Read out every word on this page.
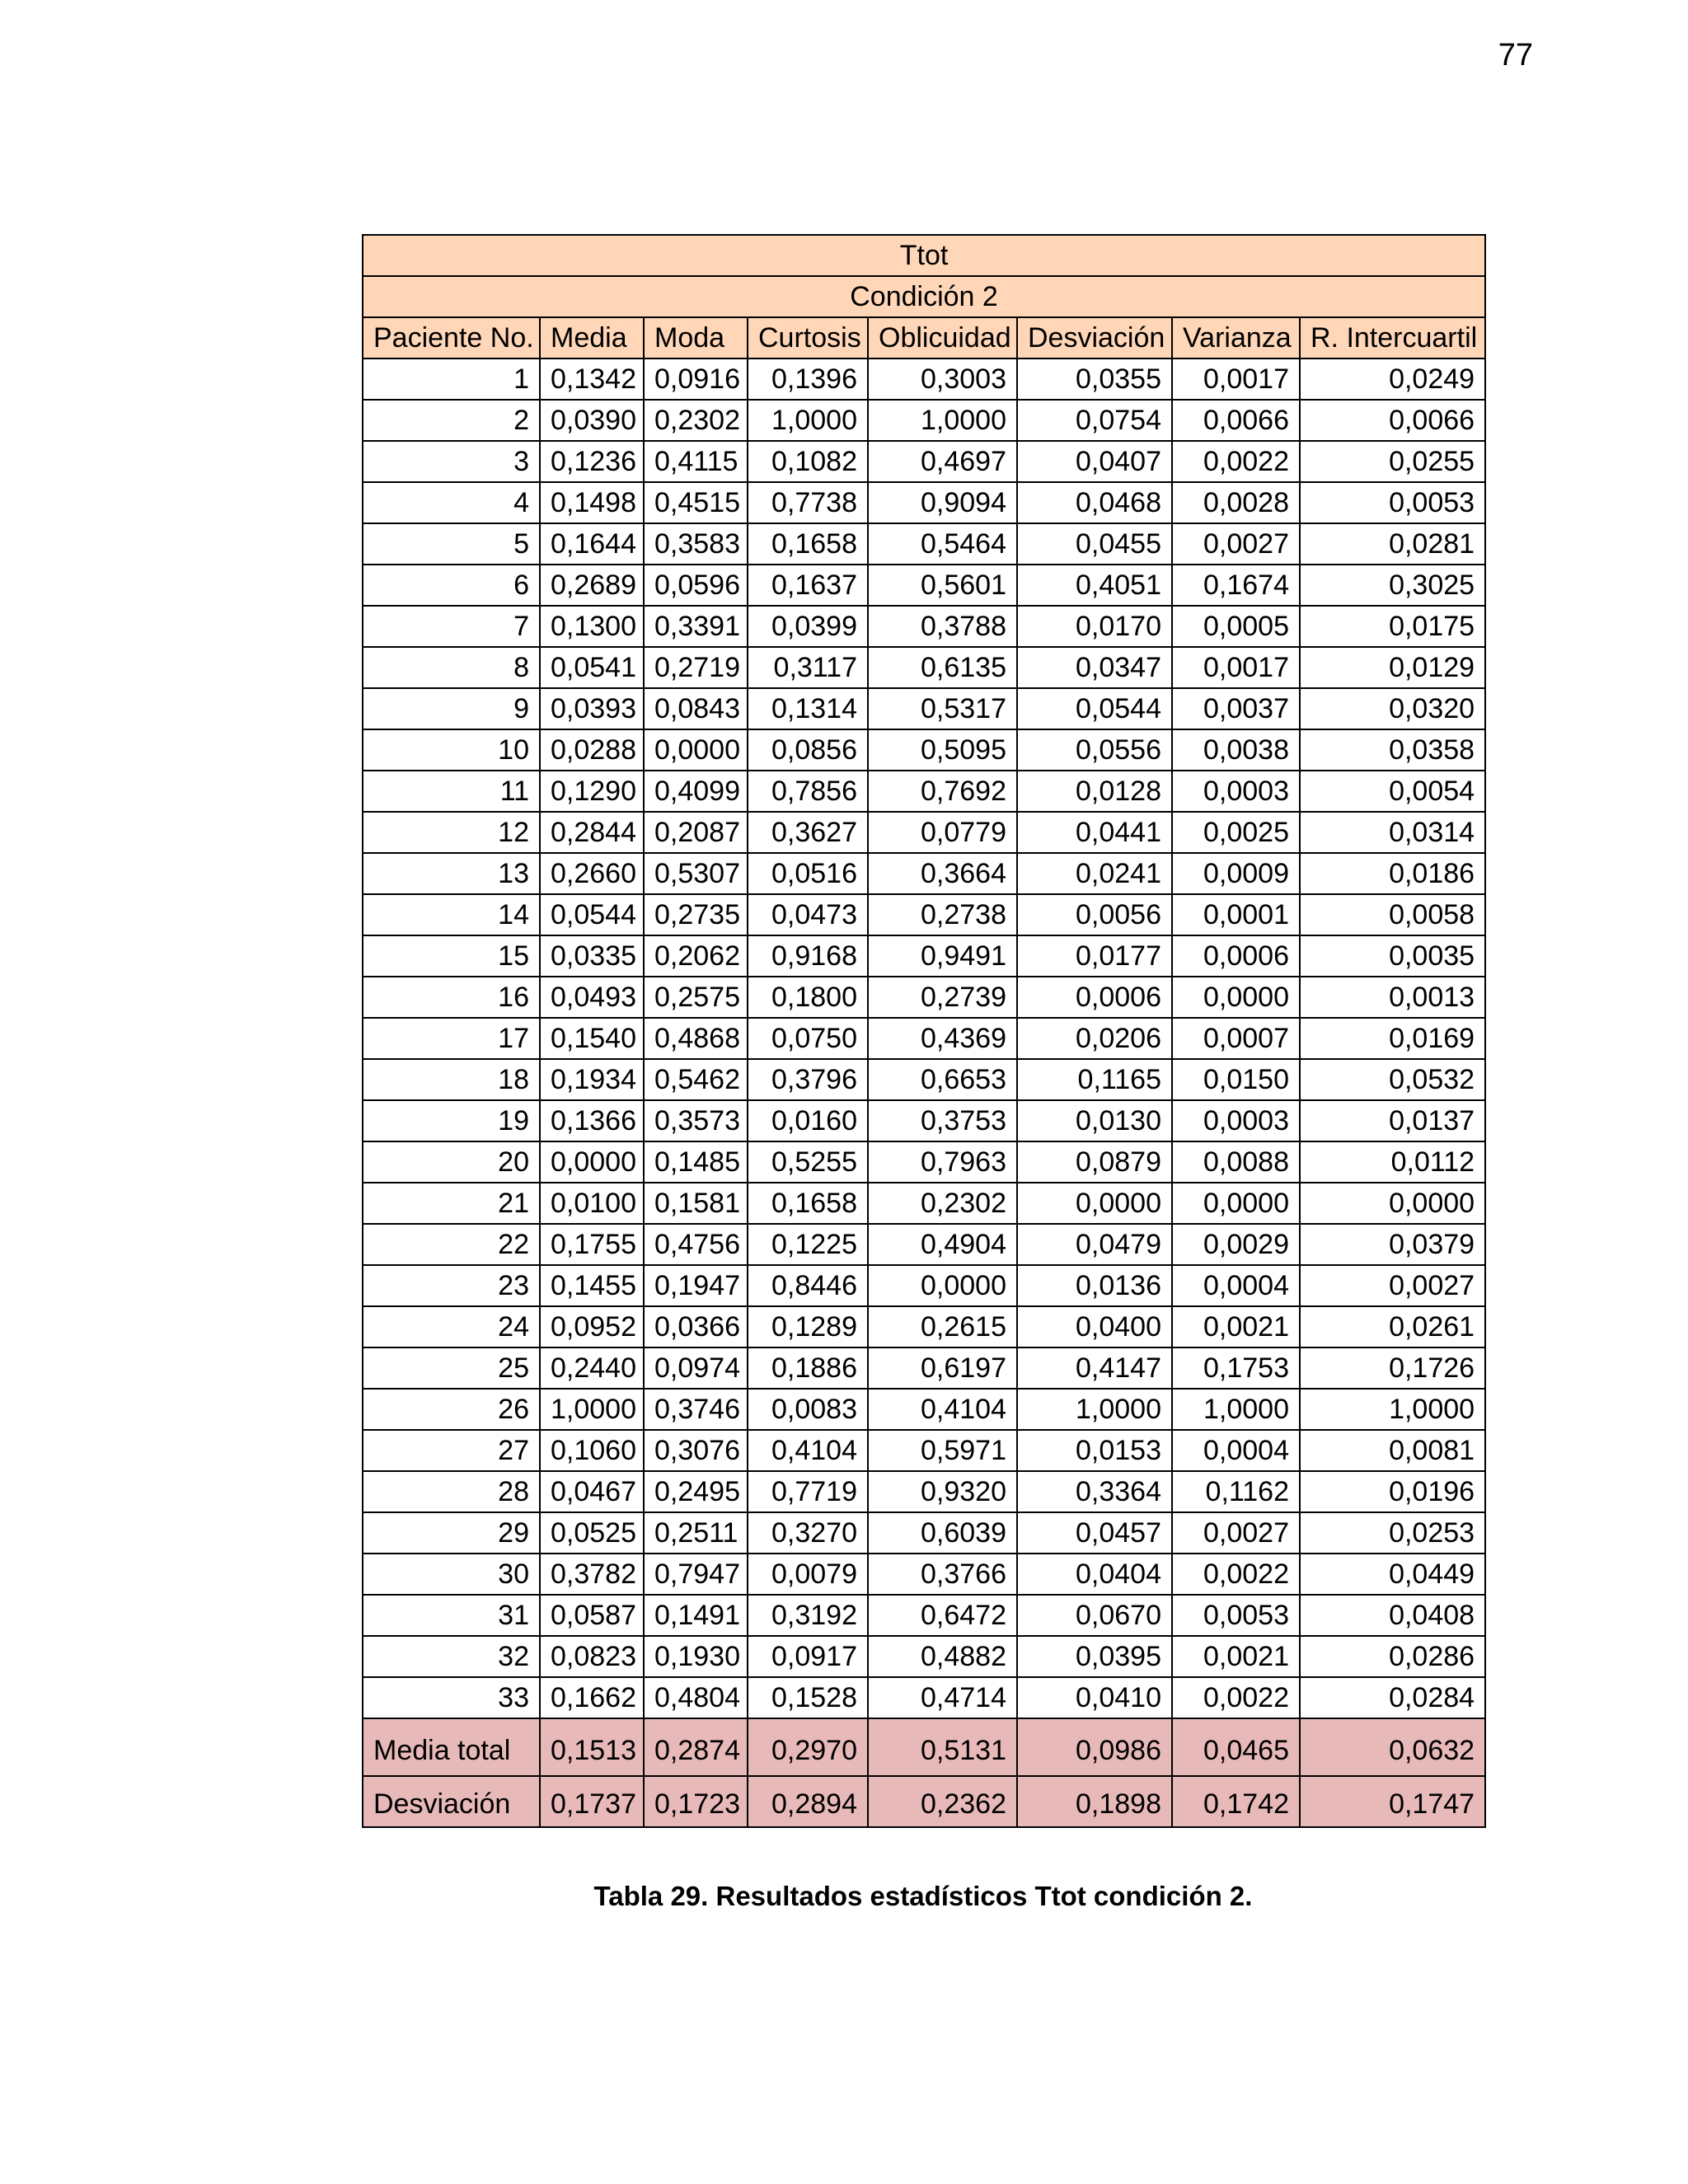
77
Ttot							
Condición 2							
Paciente No.	Media	Moda	Curtosis	Oblicuidad	Desviación	Varianza	R. Intercuartil
1	0,1342	0,0916	0,1396	0,3003	0,0355	0,0017	0,0249
2	0,0390	0,2302	1,0000	1,0000	0,0754	0,0066	0,0066
3	0,1236	0,4115	0,1082	0,4697	0,0407	0,0022	0,0255
4	0,1498	0,4515	0,7738	0,9094	0,0468	0,0028	0,0053
5	0,1644	0,3583	0,1658	0,5464	0,0455	0,0027	0,0281
6	0,2689	0,0596	0,1637	0,5601	0,4051	0,1674	0,3025
7	0,1300	0,3391	0,0399	0,3788	0,0170	0,0005	0,0175
8	0,0541	0,2719	0,3117	0,6135	0,0347	0,0017	0,0129
9	0,0393	0,0843	0,1314	0,5317	0,0544	0,0037	0,0320
10	0,0288	0,0000	0,0856	0,5095	0,0556	0,0038	0,0358
11	0,1290	0,4099	0,7856	0,7692	0,0128	0,0003	0,0054
12	0,2844	0,2087	0,3627	0,0779	0,0441	0,0025	0,0314
13	0,2660	0,5307	0,0516	0,3664	0,0241	0,0009	0,0186
14	0,0544	0,2735	0,0473	0,2738	0,0056	0,0001	0,0058
15	0,0335	0,2062	0,9168	0,9491	0,0177	0,0006	0,0035
16	0,0493	0,2575	0,1800	0,2739	0,0006	0,0000	0,0013
17	0,1540	0,4868	0,0750	0,4369	0,0206	0,0007	0,0169
18	0,1934	0,5462	0,3796	0,6653	0,1165	0,0150	0,0532
19	0,1366	0,3573	0,0160	0,3753	0,0130	0,0003	0,0137
20	0,0000	0,1485	0,5255	0,7963	0,0879	0,0088	0,0112
21	0,0100	0,1581	0,1658	0,2302	0,0000	0,0000	0,0000
22	0,1755	0,4756	0,1225	0,4904	0,0479	0,0029	0,0379
23	0,1455	0,1947	0,8446	0,0000	0,0136	0,0004	0,0027
24	0,0952	0,0366	0,1289	0,2615	0,0400	0,0021	0,0261
25	0,2440	0,0974	0,1886	0,6197	0,4147	0,1753	0,1726
26	1,0000	0,3746	0,0083	0,4104	1,0000	1,0000	1,0000
27	0,1060	0,3076	0,4104	0,5971	0,0153	0,0004	0,0081
28	0,0467	0,2495	0,7719	0,9320	0,3364	0,1162	0,0196
29	0,0525	0,2511	0,3270	0,6039	0,0457	0,0027	0,0253
30	0,3782	0,7947	0,0079	0,3766	0,0404	0,0022	0,0449
31	0,0587	0,1491	0,3192	0,6472	0,0670	0,0053	0,0408
32	0,0823	0,1930	0,0917	0,4882	0,0395	0,0021	0,0286
33	0,1662	0,4804	0,1528	0,4714	0,0410	0,0022	0,0284
Media total	0,1513	0,2874	0,2970	0,5131	0,0986	0,0465	0,0632
Desviación	0,1737	0,1723	0,2894	0,2362	0,1898	0,1742	0,1747
Tabla 29. Resultados estadísticos Ttot condición 2.
